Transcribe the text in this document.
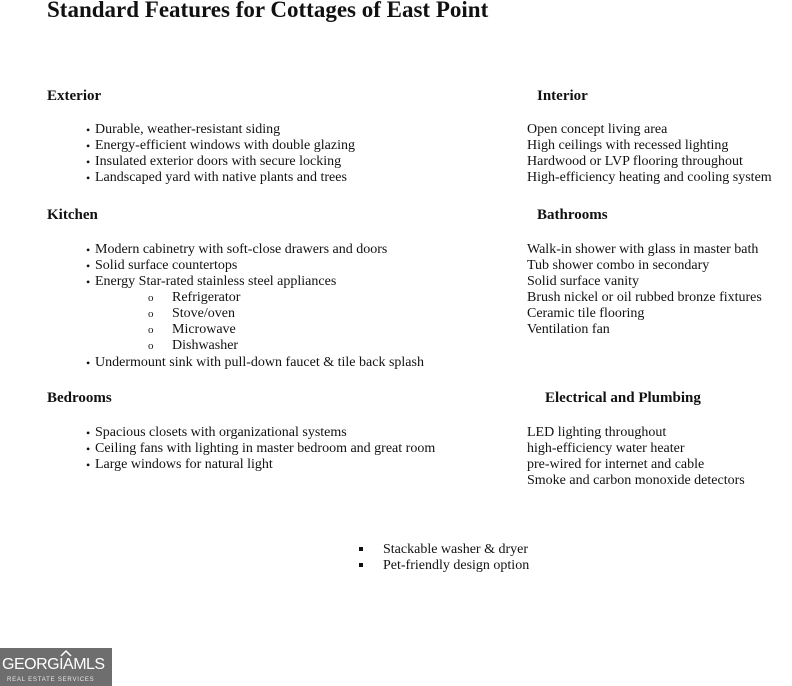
Standard Features for Cottages of East Point
Exterior
• Durable, weather-resistant siding
• Energy-efficient windows with double glazing
• Insulated exterior doors with secure locking
• Landscaped yard with native plants and trees
Interior
Open concept living area
High ceilings with recessed lighting
Hardwood or LVP flooring throughout
High-efficiency heating and cooling system
Kitchen
• Modern cabinetry with soft-close drawers and doors
• Solid surface countertops
• Energy Star-rated stainless steel appliances
o Refrigerator
o Stove/oven
o Microwave
o Dishwasher
• Undermount sink with pull-down faucet & tile back splash
Bathrooms
Walk-in shower with glass in master bath
Tub shower combo in secondary
Solid surface vanity
Brush nickel or oil rubbed bronze fixtures
Ceramic tile flooring
Ventilation fan
Bedrooms
• Spacious closets with organizational systems
• Ceiling fans with lighting in master bedroom and great room
• Large windows for natural light
Electrical and Plumbing
LED lighting throughout
high-efficiency water heater
pre-wired for internet and cable
Smoke and carbon monoxide detectors
Stackable washer & dryer
Pet-friendly design option
GEORGIAMLS
REAL ESTATE SERVICES
